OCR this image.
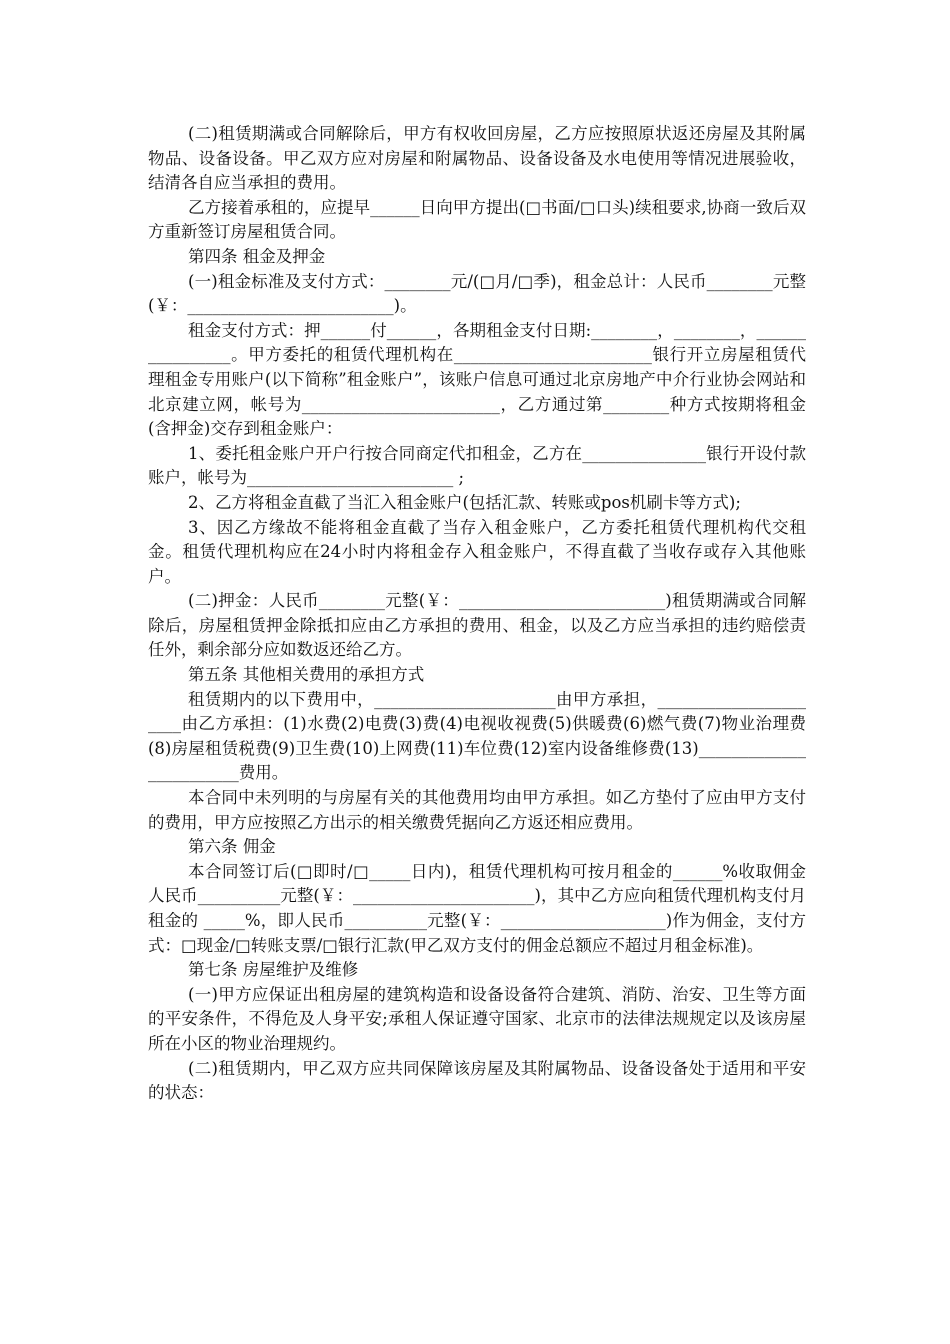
(二)租赁期满或合同解除后，甲方有权收回房屋，乙方应按照原状返还房屋及其附属物品、设备设备。甲乙双方应对房屋和附属物品、设备设备及水电使用等情况进展验收，结清各自应当承担的费用。

乙方接着承租的，应提早______日向甲方提出(□书面/□口头)续租要求,协商一致后双方重新签订房屋租赁合同。

第四条 租金及押金

(一)租金标准及支付方式：________元/(□月/□季)，租金总计：人民币________元整(￥：_________________________)。

租金支付方式：押______付______，各期租金支付日期:________，________，________________。甲方委托的租赁代理机构在________________________银行开立房屋租赁代理租金专用账户(以下简称”租金账户”，该账户信息可通过北京房地产中介行业协会网站和北京建立网，帐号为________________________，乙方通过第________种方式按期将租金(含押金)交存到租金账户：

1、委托租金账户开户行按合同商定代扣租金，乙方在_______________银行开设付款账户，帐号为_________________________ ;

2、乙方将租金直截了当汇入租金账户(包括汇款、转账或pos机刷卡等方式);

3、因乙方缘故不能将租金直截了当存入租金账户，乙方委托租赁代理机构代交租金。租赁代理机构应在24小时内将租金存入租金账户，不得直截了当收存或存入其他账户。

(二)押金：人民币________元整(￥：_________________________)租赁期满或合同解除后，房屋租赁押金除抵扣应由乙方承担的费用、租金，以及乙方应当承担的违约赔偿责任外，剩余部分应如数返还给乙方。

第五条 其他相关费用的承担方式

租赁期内的以下费用中，______________________由甲方承担，______________________由乙方承担：(1)水费(2)电费(3)费(4)电视收视费(5)供暖费(6)燃气费(7)物业治理费(8)房屋租赁税费(9)卫生费(10)上网费(11)车位费(12)室内设备维修费(13)________________________费用。

本合同中未列明的与房屋有关的其他费用均由甲方承担。如乙方垫付了应由甲方支付的费用，甲方应按照乙方出示的相关缴费凭据向乙方返还相应费用。

第六条 佣金

本合同签订后(□即时/□_____日内)，租赁代理机构可按月租金的______%收取佣金人民币__________元整(￥：______________________)，其中乙方应向租赁代理机构支付月租金的 _____%，即人民币__________元整(￥：____________________)作为佣金，支付方式：□现金/□转账支票/□银行汇款(甲乙双方支付的佣金总额应不超过月租金标准)。

第七条 房屋维护及维修

(一)甲方应保证出租房屋的建筑构造和设备设备符合建筑、消防、治安、卫生等方面的平安条件，不得危及人身平安;承租人保证遵守国家、北京市的法律法规规定以及该房屋所在小区的物业治理规约。

(二)租赁期内，甲乙双方应共同保障该房屋及其附属物品、设备设备处于适用和平安的状态：
